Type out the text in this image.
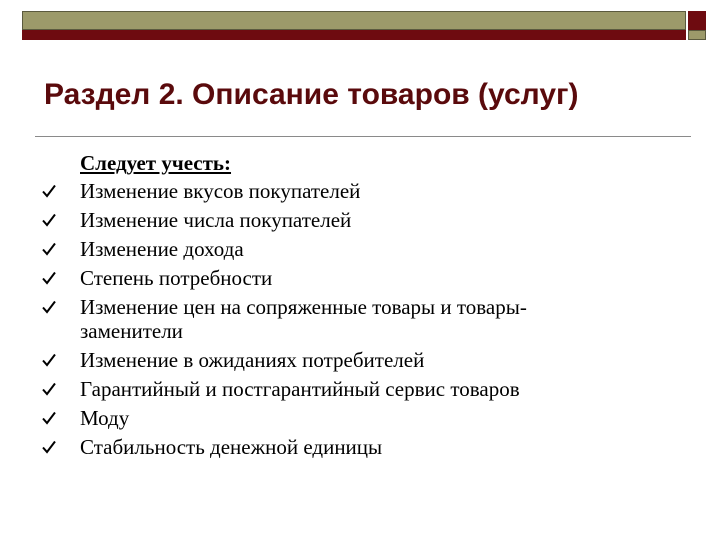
Раздел 2. Описание товаров (услуг)
Следует учесть:
Изменение вкусов покупателей
Изменение числа покупателей
Изменение дохода
Степень потребности
Изменение цен на сопряженные товары и товары-заменители
Изменение в ожиданиях потребителей
Гарантийный и постгарантийный сервис товаров
Моду
Стабильность денежной единицы
